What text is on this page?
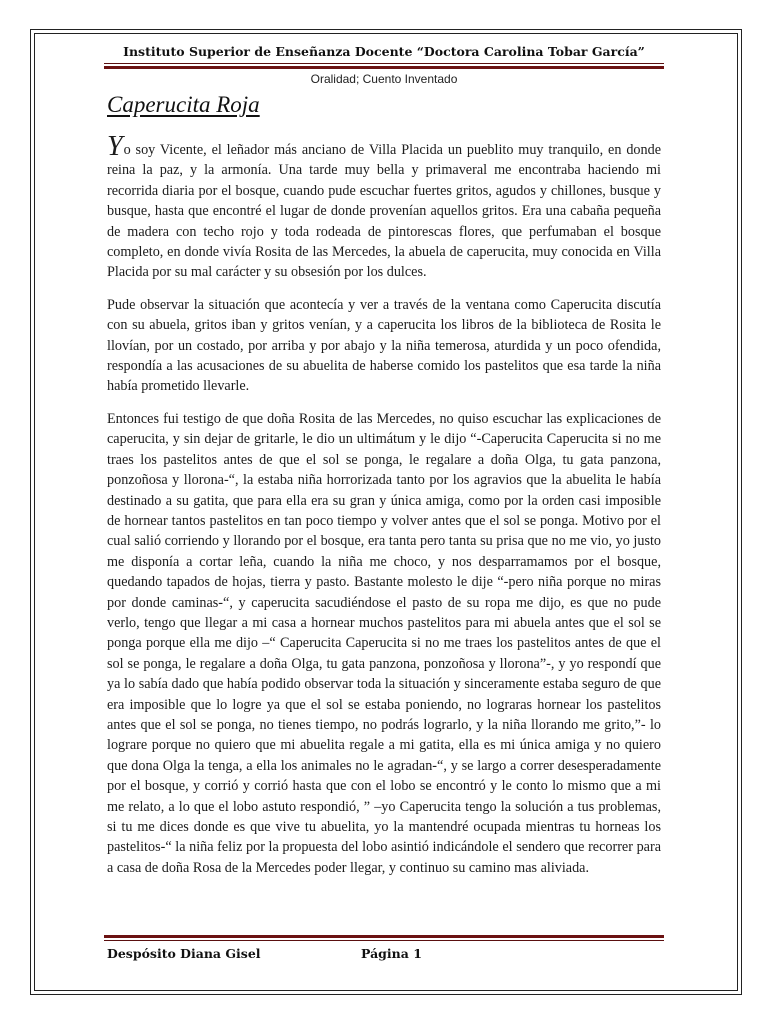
Instituto Superior de Enseñanza Docente “Doctora Carolina Tobar García”
Oralidad; Cuento Inventado
Caperucita Roja

Yo soy Vicente, el leñador más anciano de Villa Placida un pueblito muy tranquilo, en donde reina la paz, y la armonía. Una tarde muy bella y primaveral me encontraba haciendo mi recorrida diaria por el bosque, cuando pude escuchar fuertes gritos, agudos y chillones, busque y busque, hasta que encontré el lugar de donde provenían aquellos gritos. Era una cabaña pequeña de madera con techo rojo y toda rodeada de pintorescas flores, que perfumaban el bosque completo, en donde vivía Rosita de las Mercedes, la abuela de caperucita, muy conocida en Villa Placida por su mal carácter y su obsesión por los dulces.

Pude observar la situación que acontecía y ver a través de la ventana como Caperucita discutía con su abuela, gritos iban y gritos venían, y a caperucita los libros de la biblioteca de Rosita le llovían, por un costado, por arriba y por abajo y la niña temerosa, aturdida y un poco ofendida, respondía a las acusaciones de su abuelita de haberse comido los pastelitos que esa tarde la niña había prometido llevarle.

Entonces fui testigo de que doña Rosita de las Mercedes, no quiso escuchar las explicaciones de caperucita, y sin dejar de gritarle, le dio un ultimátum y le dijo “-Caperucita Caperucita si no me traes los pastelitos antes de que el sol se ponga, le regalare a doña Olga, tu gata panzona, ponzoñosa y llorona-“, la estaba niña horrorizada tanto por los agravios que la abuelita le había destinado a su gatita, que para ella era su gran y única amiga, como por la orden casi imposible de hornear tantos pastelitos en tan poco tiempo y volver antes que el sol se ponga. Motivo por el cual salió corriendo y llorando por el bosque, era tanta pero tanta su prisa que no me vio, yo justo me disponía a cortar leña, cuando la niña me choco, y nos desparramamos por el bosque, quedando tapados de hojas, tierra y pasto. Bastante molesto le dije “-pero niña porque no miras por donde caminas-“, y caperucita sacudiéndose el pasto de su ropa me dijo, es que no pude verlo, tengo que llegar a mi casa a hornear muchos pastelitos para mi abuela antes que el sol se ponga porque ella me dijo –“ Caperucita Caperucita si no me traes los pastelitos antes de que el sol se ponga, le regalare a doña Olga, tu gata panzona, ponzoñosa y llorona”-, y yo respondí que ya lo sabía dado que había podido observar toda la situación y sinceramente estaba seguro de que era imposible que lo logre ya que el sol se estaba poniendo, no lograras hornear los pastelitos antes que el sol se ponga, no tienes tiempo, no podrás lograrlo, y la niña llorando me grito,”- lo lograre porque no quiero que mi abuelita regale a mi gatita, ella es mi única amiga y no quiero que dona Olga la tenga, a ella los animales no le agradan-“, y se largo a correr desesperadamente por el bosque, y corrió y corrió hasta que con el lobo se encontró y le conto lo mismo que a mi me relato, a lo que el lobo astuto respondió, ” –yo Caperucita tengo la solución a tus problemas, si tu me dices donde es que vive tu abuelita, yo la mantendré ocupada mientras tu horneas los pastelitos-“ la niña feliz por la propuesta del lobo asintió indicándole el sendero que recorrer para a casa de doña Rosa de la Mercedes poder llegar, y continuo su camino mas aliviada.

Despósito Diana Gisel	Página 1
